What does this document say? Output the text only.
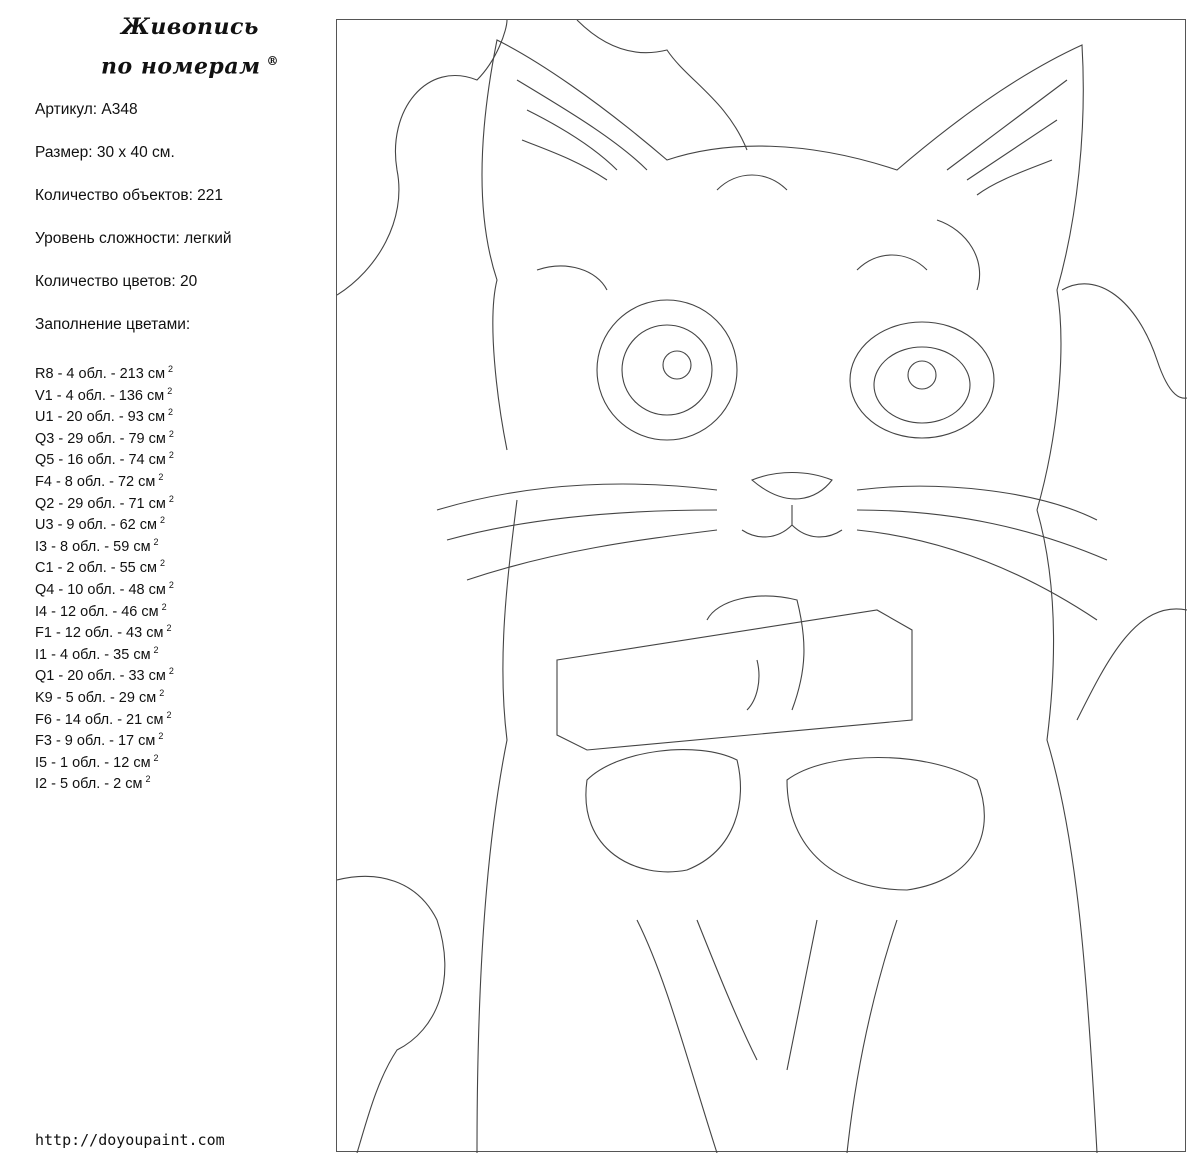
Живопись
по номерам ®
Артикул: A348
Размер: 30 х 40 см.
Количество объектов: 221
Уровень сложности: легкий
Количество цветов: 20
Заполнение цветами:
R8 - 4 обл. - 213 см $^2$
V1 - 4 обл. - 136 см $^2$
U1 - 20 обл. - 93 см $^2$
Q3 - 29 обл. - 79 см $^2$
Q5 - 16 обл. - 74 см $^2$
F4 - 8 обл. - 72 см $^2$
Q2 - 29 обл. - 71 см $^2$
U3 - 9 обл. - 62 см $^2$
I3 - 8 обл. - 59 см $^2$
C1 - 2 обл. - 55 см $^2$
Q4 - 10 обл. - 48 см $^2$
I4 - 12 обл. - 46 см $^2$
F1 - 12 обл. - 43 см $^2$
I1 - 4 обл. - 35 см $^2$
Q1 - 20 обл. - 33 см $^2$
K9 - 5 обл. - 29 см $^2$
F6 - 14 обл. - 21 см $^2$
F3 - 9 обл. - 17 см $^2$
I5 - 1 обл. - 12 см $^2$
I2 - 5 обл. - 2 см $^2$
http://doyoupaint.com
